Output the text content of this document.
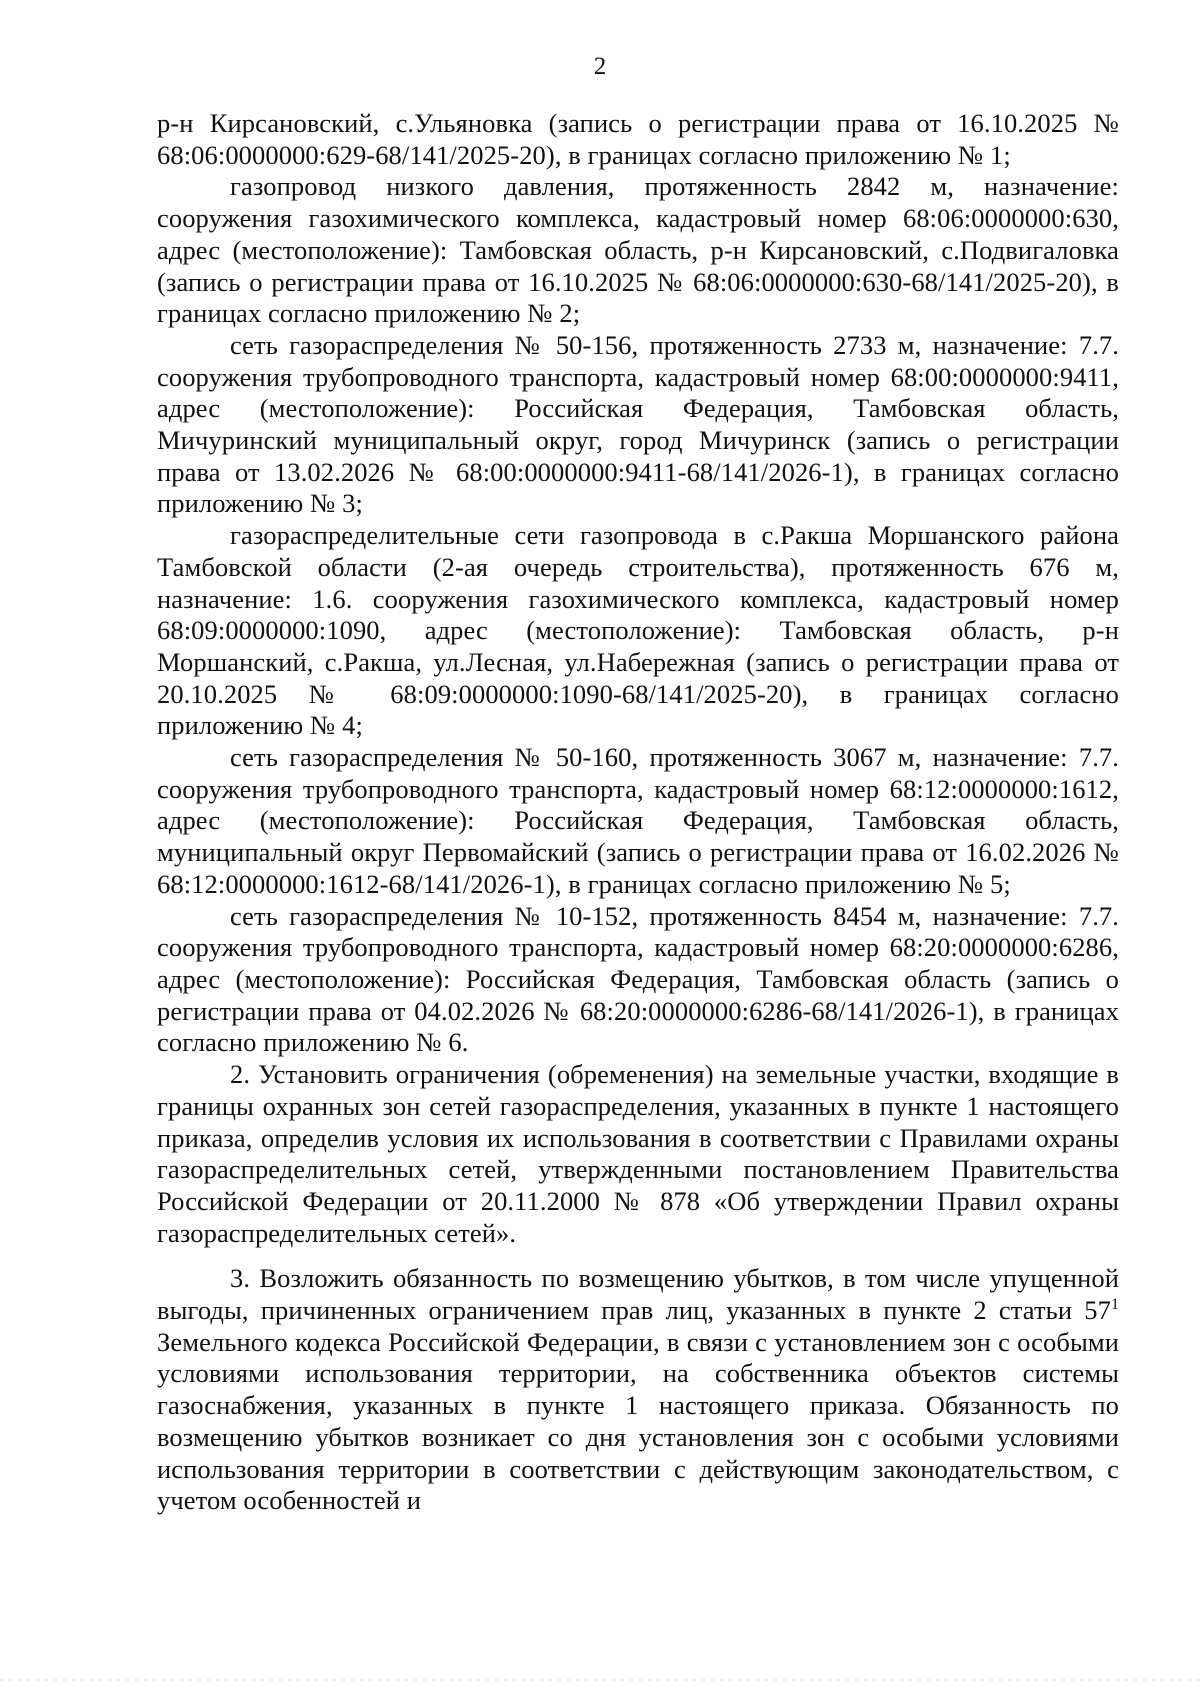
2

р-н Кирсановский, с.Ульяновка (запись о регистрации права от 16.10.2025 № 68:06:0000000:629-68/141/2025-20), в границах согласно приложению № 1;

газопровод низкого давления, протяженность 2842 м, назначение: сооружения газохимического комплекса, кадастровый номер 68:06:0000000:630, адрес (местоположение): Тамбовская область, р-н Кирсановский, с.Подвигаловка (запись о регистрации права от 16.10.2025 № 68:06:0000000:630-68/141/2025-20), в границах согласно приложению № 2;

сеть газораспределения № 50-156, протяженность 2733 м, назначение: 7.7. сооружения трубопроводного транспорта, кадастровый номер 68:00:0000000:9411, адрес (местоположение): Российская Федерация, Тамбовская область, Мичуринский муниципальный округ, город Мичуринск (запись о регистрации права от 13.02.2026 № 68:00:0000000:9411-68/141/2026-1), в границах согласно приложению № 3;

газораспределительные сети газопровода в с.Ракша Моршанского района Тамбовской области (2-ая очередь строительства), протяженность 676 м, назначение: 1.6. сооружения газохимического комплекса, кадастровый номер 68:09:0000000:1090, адрес (местоположение): Тамбовская область, р-н Моршанский, с.Ракша, ул.Лесная, ул.Набережная (запись о регистрации права от 20.10.2025 № 68:09:0000000:1090-68/141/2025-20), в границах согласно приложению № 4;

сеть газораспределения № 50-160, протяженность 3067 м, назначение: 7.7. сооружения трубопроводного транспорта, кадастровый номер 68:12:0000000:1612, адрес (местоположение): Российская Федерация, Тамбовская область, муниципальный округ Первомайский (запись о регистрации права от 16.02.2026 № 68:12:0000000:1612-68/141/2026-1), в границах согласно приложению № 5;

сеть газораспределения № 10-152, протяженность 8454 м, назначение: 7.7. сооружения трубопроводного транспорта, кадастровый номер 68:20:0000000:6286, адрес (местоположение): Российская Федерация, Тамбовская область (запись о регистрации права от 04.02.2026 № 68:20:0000000:6286-68/141/2026-1), в границах согласно приложению № 6.

2. Установить ограничения (обременения) на земельные участки, входящие в границы охранных зон сетей газораспределения, указанных в пункте 1 настоящего приказа, определив условия их использования в соответствии с Правилами охраны газораспределительных сетей, утвержденными постановлением Правительства Российской Федерации от 20.11.2000 № 878 «Об утверждении Правил охраны газораспределительных сетей».

3. Возложить обязанность по возмещению убытков, в том числе упущенной выгоды, причиненных ограничением прав лиц, указанных в пункте 2 статьи $57^1$ Земельного кодекса Российской Федерации, в связи с установлением зон с особыми условиями использования территории, на собственника объектов системы газоснабжения, указанных в пункте 1 настоящего приказа. Обязанность по возмещению убытков возникает со дня установления зон с особыми условиями использования территории в соответствии с действующим законодательством, с учетом особенностей и
